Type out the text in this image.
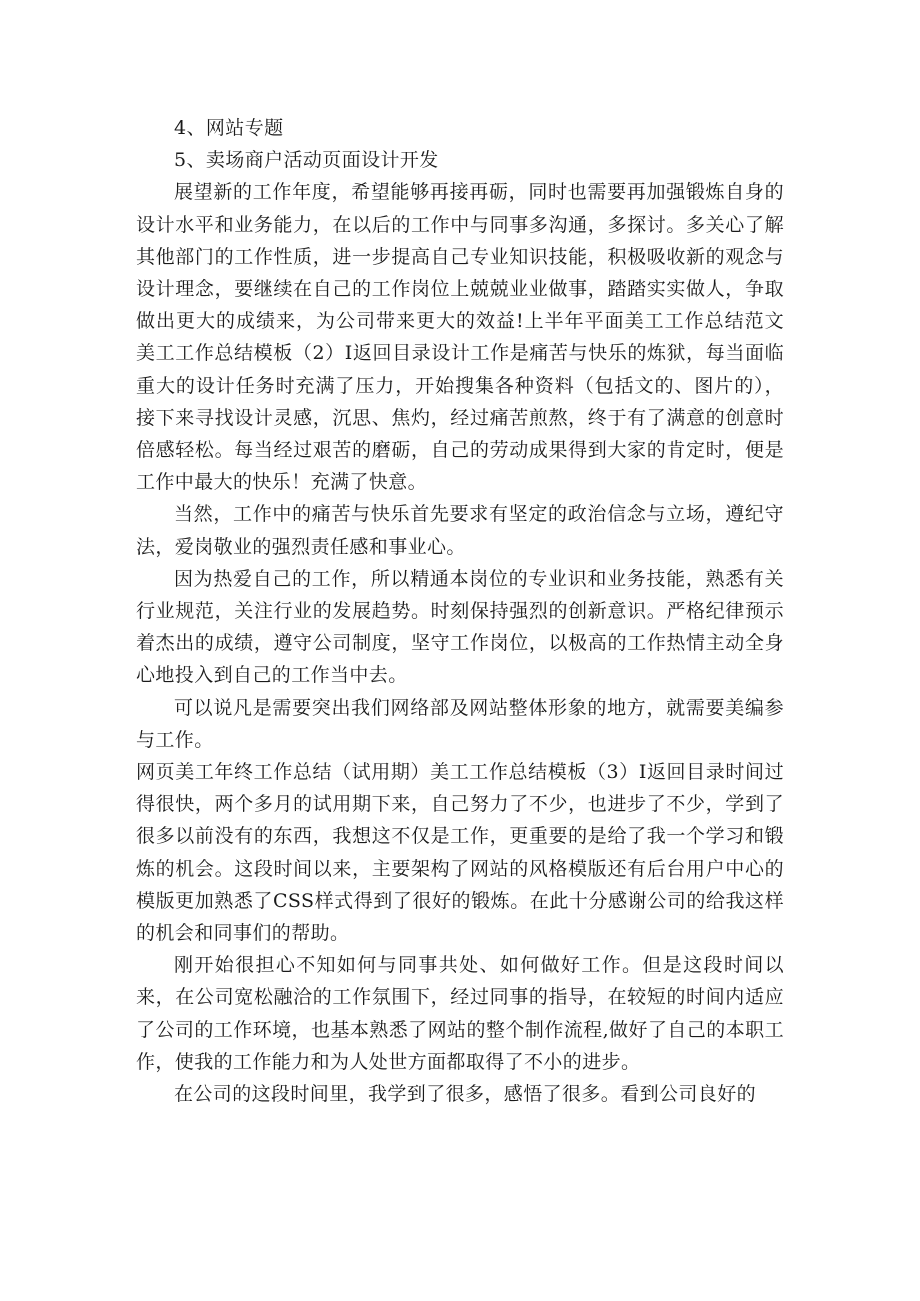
4、网站专题

5、卖场商户活动页面设计开发

展望新的工作年度，希望能够再接再砺，同时也需要再加强锻炼自身的设计水平和业务能力，在以后的工作中与同事多沟通，多探讨。多关心了解其他部门的工作性质，进一步提高自己专业知识技能，积极吸收新的观念与设计理念，要继续在自己的工作岗位上兢兢业业做事，踏踏实实做人，争取做出更大的成绩来，为公司带来更大的效益!上半年平面美工工作总结范文美工工作总结模板（2）I返回目录设计工作是痛苦与快乐的炼狱，每当面临重大的设计任务时充满了压力，开始搜集各种资料（包括文的、图片的），接下来寻找设计灵感，沉思、焦灼，经过痛苦煎熬，终于有了满意的创意时倍感轻松。每当经过艰苦的磨砺，自己的劳动成果得到大家的肯定时，便是工作中最大的快乐！充满了快意。

当然，工作中的痛苦与快乐首先要求有坚定的政治信念与立场，遵纪守法，爱岗敬业的强烈责任感和事业心。

因为热爱自己的工作，所以精通本岗位的专业识和业务技能，熟悉有关行业规范，关注行业的发展趋势。时刻保持强烈的创新意识。严格纪律预示着杰出的成绩，遵守公司制度，坚守工作岗位，以极高的工作热情主动全身心地投入到自己的工作当中去。

可以说凡是需要突出我们网络部及网站整体形象的地方，就需要美编参与工作。

网页美工年终工作总结（试用期）美工工作总结模板（3）I返回目录时间过得很快，两个多月的试用期下来，自己努力了不少，也进步了不少，学到了很多以前没有的东西，我想这不仅是工作，更重要的是给了我一个学习和锻炼的机会。这段时间以来，主要架构了网站的风格模版还有后台用户中心的模版更加熟悉了CSS样式得到了很好的锻炼。在此十分感谢公司的给我这样的机会和同事们的帮助。

刚开始很担心不知如何与同事共处、如何做好工作。但是这段时间以来，在公司宽松融洽的工作氛围下，经过同事的指导，在较短的时间内适应了公司的工作环境，也基本熟悉了网站的整个制作流程,做好了自己的本职工作，使我的工作能力和为人处世方面都取得了不小的进步。

在公司的这段时间里，我学到了很多，感悟了很多。看到公司良好的
